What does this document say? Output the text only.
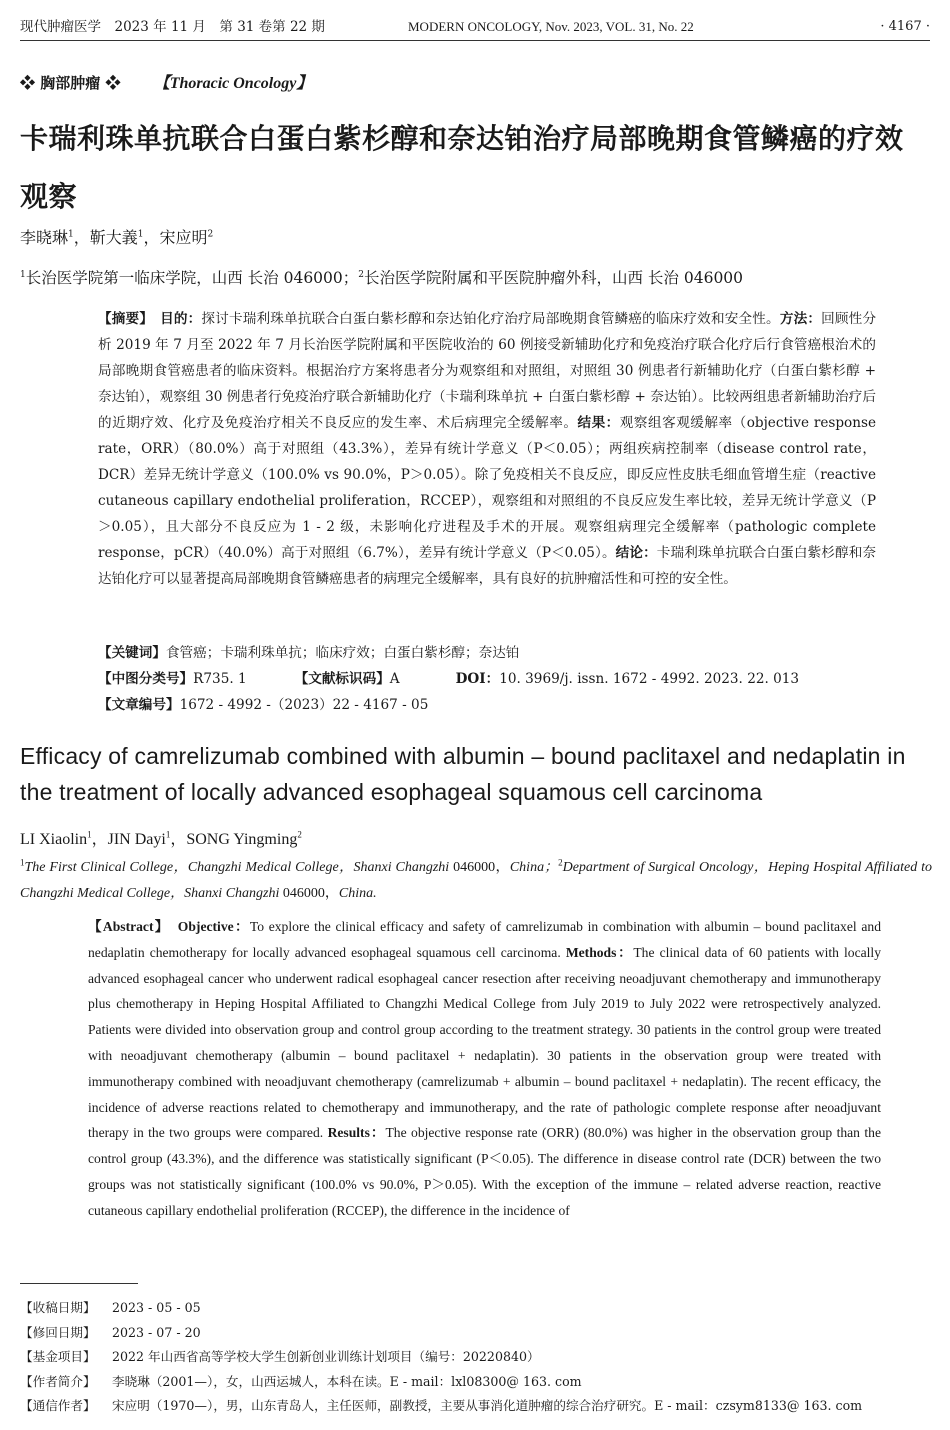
现代肿瘤医学　2023 年 11 月　第 31 卷第 22 期	MODERN ONCOLOGY, Nov. 2023, VOL. 31, No. 22	· 4167 ·
❖ 胸部肿瘤 ❖ 【Thoracic Oncology】
卡瑞利珠单抗联合白蛋白紫杉醇和奈达铂治疗局部晚期食管鳞癌的疗效观察
李晓琳$^1$，靳大義$^1$，宋应明$^2$
$^1$长治医学院第一临床学院，山西 长治 046000；$^2$长治医学院附属和平医院肿瘤外科，山西 长治 046000
【摘要】　 目的：探讨卡瑞利珠单抗联合白蛋白紫杉醇和奈达铂化疗治疗局部晚期食管鳞癌的临床疗效和安全性。方法：回顾性分析 2019 年 7 月至 2022 年 7 月长治医学院附属和平医院收治的 60 例接受新辅助化疗和免疫治疗联合化疗后行食管癌根治术的局部晚期食管癌患者的临床资料。根据治疗方案将患者分为观察组和对照组，对照组 30 例患者行新辅助化疗（白蛋白紫杉醇 + 奈达铂），观察组 30 例患者行免疫治疗联合新辅助化疗（卡瑞利珠单抗 + 白蛋白紫杉醇 + 奈达铂）。比较两组患者新辅助治疗后的近期疗效、化疗及免疫治疗相关不良反应的发生率、术后病理完全缓解率。结果：观察组客观缓解率（objective response rate，ORR）（80.0%）高于对照组（43.3%），差异有统计学意义（P＜0.05）；两组疾病控制率（disease control rate，DCR）差异无统计学意义（100.0% vs 90.0%，P＞0.05）。除了免疫相关不良反应，即反应性皮肤毛细血管增生症（reactive cutaneous capillary endothelial proliferation，RCCEP），观察组和对照组的不良反应发生率比较，差异无统计学意义（P＞0.05），且大部分不良反应为 1 - 2 级，未影响化疗进程及手术的开展。观察组病理完全缓解率（pathologic complete response，pCR）（40.0%）高于对照组（6.7%），差异有统计学意义（P＜0.05）。结论：卡瑞利珠单抗联合白蛋白紫杉醇和奈达铂化疗可以显著提高局部晚期食管鳞癌患者的病理完全缓解率，具有良好的抗肿瘤活性和可控的安全性。
【关键词】食管癌；卡瑞利珠单抗；临床疗效；白蛋白紫杉醇；奈达铂
【中图分类号】R735. 1	【文献标识码】A	DOI：10. 3969/j. issn. 1672 - 4992. 2023. 22. 013
【文章编号】1672 - 4992 -（2023）22 - 4167 - 05
Efficacy of camrelizumab combined with albumin – bound paclitaxel and nedaplatin in the treatment of locally advanced esophageal squamous cell carcinoma
LI Xiaolin$^1$，JIN Dayi$^1$，SONG Yingming$^2$
$^1$The First Clinical College，Changzhi Medical College，Shanxi Changzhi 046000，China；$^2$Department of Surgical Oncology，Heping Hospital Affiliated to Changzhi Medical College，Shanxi Changzhi 046000，China.
【Abstract】　 Objective：To explore the clinical efficacy and safety of camrelizumab in combination with albumin – bound paclitaxel and nedaplatin chemotherapy for locally advanced esophageal squamous cell carcinoma. Methods：The clinical data of 60 patients with locally advanced esophageal cancer who underwent radical esophageal cancer resection after receiving neoadjuvant chemotherapy and immunotherapy plus chemotherapy in Heping Hospital Affiliated to Changzhi Medical College from July 2019 to July 2022 were retrospectively analyzed. Patients were divided into observation group and control group according to the treatment strategy. 30 patients in the control group were treated with neoadjuvant chemotherapy (albumin – bound paclitaxel + nedaplatin). 30 patients in the observation group were treated with immunotherapy combined with neoadjuvant chemotherapy (camrelizumab + albumin – bound paclitaxel + nedaplatin). The recent efficacy, the incidence of adverse reactions related to chemotherapy and immunotherapy, and the rate of pathologic complete response after neoadjuvant therapy in the two groups were compared. Results：The objective response rate (ORR) (80.0%) was higher in the observation group than the control group (43.3%), and the difference was statistically significant (P＜0.05). The difference in disease control rate (DCR) between the two groups was not statistically significant (100.0% vs 90.0%, P＞0.05). With the exception of the immune – related adverse reaction, reactive cutaneous capillary endothelial proliferation (RCCEP), the difference in the incidence of
【收稿日期】 2023 - 05 - 05
【修回日期】 2023 - 07 - 20
【基金项目】 2022 年山西省高等学校大学生创新创业训练计划项目（编号：20220840）
【作者简介】 李晓琳（2001—），女，山西运城人，本科在读。E - mail：lxl08300@ 163. com
【通信作者】 宋应明（1970—），男，山东青岛人，主任医师，副教授，主要从事消化道肿瘤的综合治疗研究。E - mail：czsym8133@ 163. com
